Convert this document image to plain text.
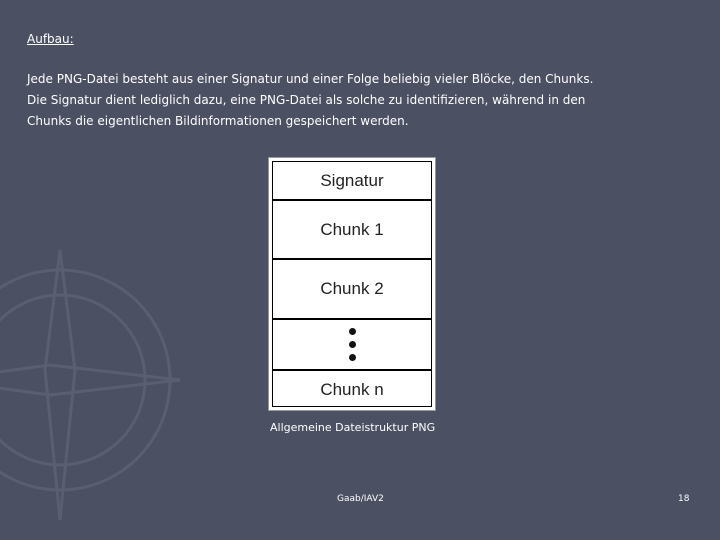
Aufbau:
Jede PNG-Datei besteht aus einer Signatur und einer Folge beliebig vieler Blöcke, den Chunks.
Die Signatur dient lediglich dazu, eine PNG-Datei als solche zu identifizieren, während in den
Chunks die eigentlichen Bildinformationen gespeichert werden.
Signatur
Chunk 1
Chunk 2
Chunk n
Allgemeine Dateistruktur PNG
Gaab/IAV2	18
